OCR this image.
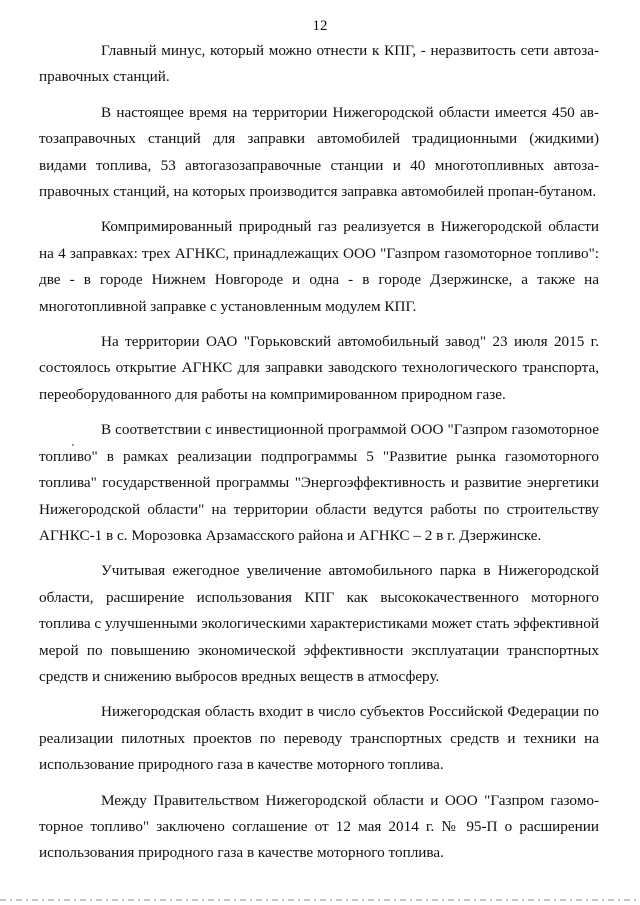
12

Главный минус, который можно отнести к КПГ, - неразвитость сети автозаправочных станций.

В настоящее время на территории Нижегородской области имеется 450 автозаправочных станций для заправки автомобилей традиционными (жидкими) видами топлива, 53 автогазозаправочные станции и 40 многотопливных автозаправочных станций, на которых производится заправка автомобилей пропан-бутаном.

Компримированный природный газ реализуется в Нижегородской области на 4 заправках: трех АГНКС, принадлежащих ООО "Газпром газомоторное топливо": две - в городе Нижнем Новгороде и одна - в городе Дзержинске, а также на многотопливной заправке с установленным модулем КПГ.

На территории ОАО "Горьковский автомобильный завод" 23 июля 2015 г. состоялось открытие АГНКС для заправки заводского технологического транспорта, переоборудованного для работы на компримированном природном газе.

В соответствии с инвестиционной программой ООО "Газпром газомоторное топливо" в рамках реализации подпрограммы 5 "Развитие рынка газомоторного топлива" государственной программы "Энергоэффективность и развитие энергетики Нижегородской области" на территории области ведутся работы по строительству АГНКС-1 в с. Морозовка Арзамасского района и АГНКС – 2 в г. Дзержинске.

Учитывая ежегодное увеличение автомобильного парка в Нижегородской области, расширение использования КПГ как высококачественного моторного топлива с улучшенными экологическими характеристиками может стать эффективной мерой по повышению экономической эффективности эксплуатации транспортных средств и снижению выбросов вредных веществ в атмосферу.

Нижегородская область входит в число субъектов Российской Федерации по реализации пилотных проектов по переводу транспортных средств и техники на использование природного газа в качестве моторного топлива.

Между Правительством Нижегородской области и ООО "Газпром газомоторное топливо" заключено соглашение от 12 мая 2014 г. № 95-П о расширении использования природного газа в качестве моторного топлива.
